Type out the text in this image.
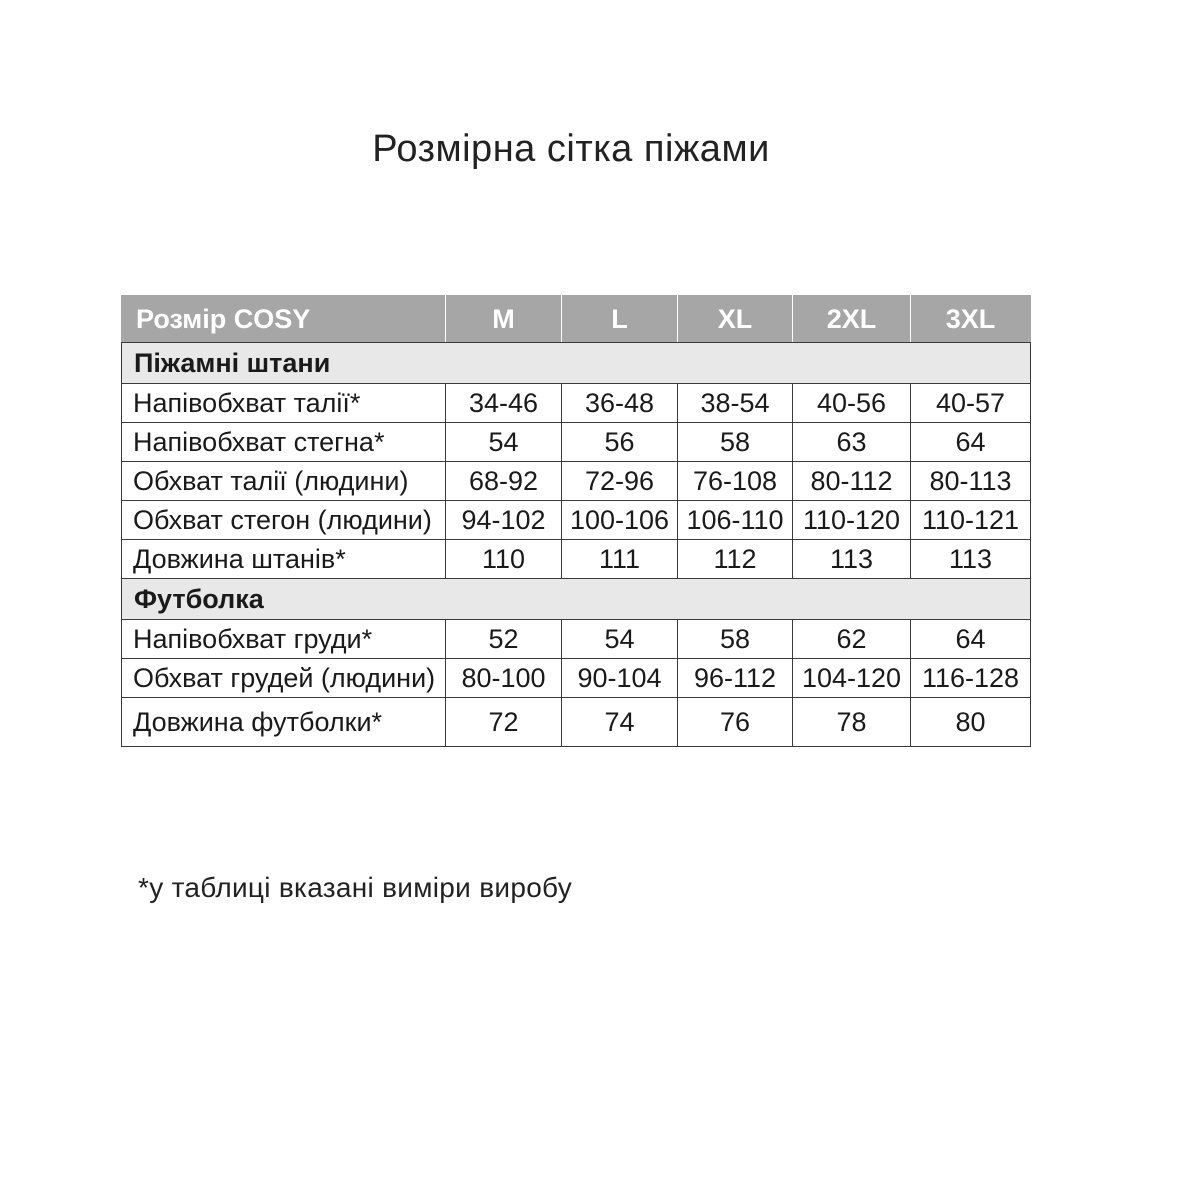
Розмірна сітка піжами
Розмір COSY	M	L	XL	2XL	3XL
Піжамні штани					
Напівобхват талії*	34-46	36-48	38-54	40-56	40-57
Напівобхват стегна*	54	56	58	63	64
Обхват талії (людини)	68-92	72-96	76-108	80-112	80-113
Обхват стегон (людини)	94-102	100-106	106-110	110-120	110-121
Довжина штанів*	110	111	112	113	113
Футболка					
Напівобхват груди*	52	54	58	62	64
Обхват грудей (людини)	80-100	90-104	96-112	104-120	116-128
Довжина футболки*	72	74	76	78	80
*у таблиці вказані виміри виробу
